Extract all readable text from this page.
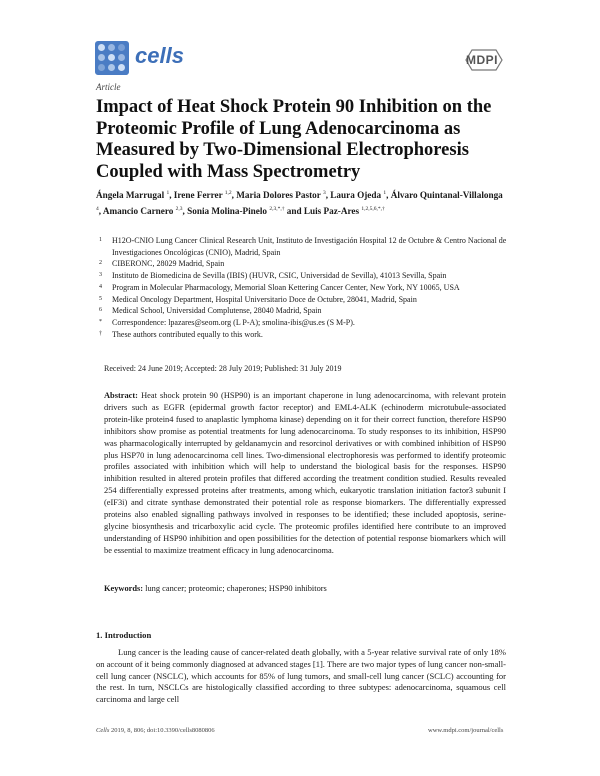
cells	MDPI
Article
Impact of Heat Shock Protein 90 Inhibition on the Proteomic Profile of Lung Adenocarcinoma as Measured by Two-Dimensional Electrophoresis Coupled with Mass Spectrometry
Ángela Marrugal $^1$, Irene Ferrer $^{1,2}$, Maria Dolores Pastor $^3$, Laura Ojeda $^1$, Álvaro Quintanal-Villalonga $^4$, Amancio Carnero $^{2,3}$, Sonia Molina-Pinelo $^{2,3,*,\dagger}$ and Luis Paz-Ares $^{1,2,5,6,*,\dagger}$
1 H12O-CNIO Lung Cancer Clinical Research Unit, Instituto de Investigación Hospital 12 de Octubre & Centro Nacional de Investigaciones Oncológicas (CNIO), Madrid, Spain
2 CIBERONC, 28029 Madrid, Spain
3 Instituto de Biomedicina de Sevilla (IBIS) (HUVR, CSIC, Universidad de Sevilla), 41013 Sevilla, Spain
4 Program in Molecular Pharmacology, Memorial Sloan Kettering Cancer Center, New York, NY 10065, USA
5 Medical Oncology Department, Hospital Universitario Doce de Octubre, 28041, Madrid, Spain
6 Medical School, Universidad Complutense, 28040 Madrid, Spain
* Correspondence: lpazares@seom.org (L P-A); smolina-ibis@us.es (S M-P).
† These authors contributed equally to this work.
Received: 24 June 2019; Accepted: 28 July 2019; Published: 31 July 2019

Abstract: Heat shock protein 90 (HSP90) is an important chaperone in lung adenocarcinoma, with relevant protein drivers such as EGFR (epidermal growth factor receptor) and EML4-ALK (echinoderm microtubule-associated protein-like protein4 fused to anaplastic lymphoma kinase) depending on it for their correct function, therefore HSP90 inhibitors show promise as potential treatments for lung adenocarcinoma. To study responses to its inhibition, HSP90 was pharmacologically interrupted by geldanamycin and resorcinol derivatives or with combined inhibition of HSP90 plus HSP70 in lung adenocarcinoma cell lines. Two-dimensional electrophoresis was performed to identify proteomic profiles associated with inhibition which will help to understand the biological basis for the responses. HSP90 inhibition resulted in altered protein profiles that differed according the treatment condition studied. Results revealed 254 differentially expressed proteins after treatments, among which, eukaryotic translation initiation factor3 subunit I (eIF3i) and citrate synthase demonstrated their potential role as response biomarkers. The differentially expressed proteins also enabled signalling pathways involved in responses to be identified; these included apoptosis, serine-glycine biosynthesis and tricarboxylic acid cycle. The proteomic profiles identified here contribute to an improved understanding of HSP90 inhibition and open possibilities for the detection of potential response biomarkers which will be essential to maximize treatment efficacy in lung adenocarcinoma.

Keywords: lung cancer; proteomic; chaperones; HSP90 inhibitors
1. Introduction

Lung cancer is the leading cause of cancer-related death globally, with a 5-year relative survival rate of only 18% on account of it being commonly diagnosed at advanced stages [1]. There are two major types of lung cancer non-small-cell lung cancer (NSCLC), which accounts for 85% of lung tumors, and small-cell lung cancer (SCLC) accounting for the rest. In turn, NSCLCs are histologically classified according to three subtypes: adenocarcinoma, squamous cell carcinoma and large cell

Cells 2019, 8, 806; doi:10.3390/cells8080806	www.mdpi.com/journal/cells
